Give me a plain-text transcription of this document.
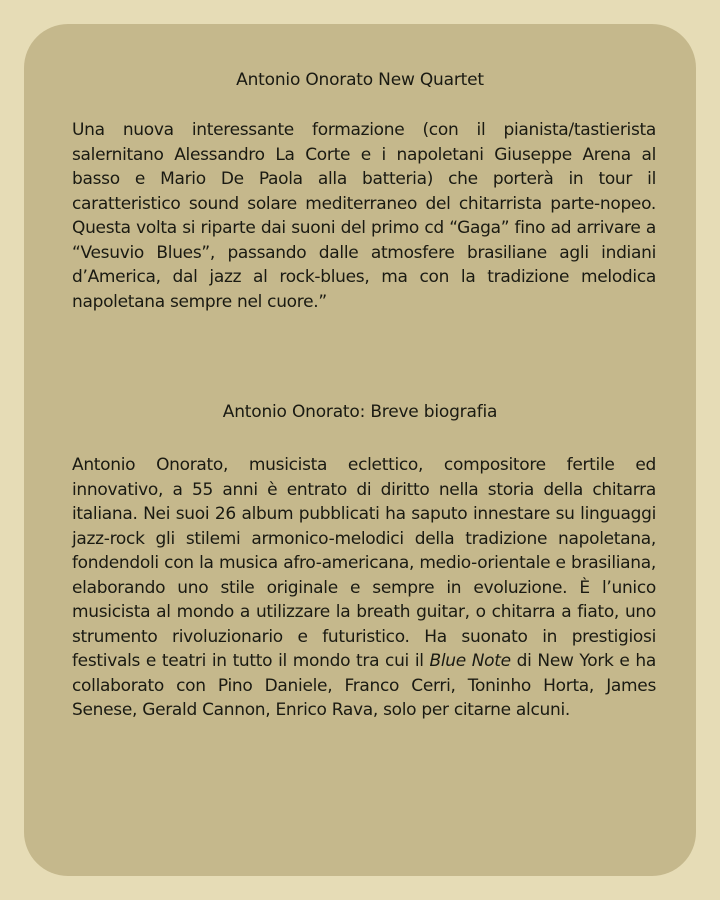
Antonio Onorato New Quartet
Una nuova interessante formazione (con il pianista/tastierista salernitano Alessandro La Corte e i napoletani Giuseppe Arena al basso e Mario De Paola alla batteria) che porterà in tour il caratteristico sound solare mediterraneo del chitarrista parte-nopeo. Questa volta si riparte dai suoni del primo cd “Gaga” fino ad arrivare a “Vesuvio Blues”, passando dalle atmosfere brasiliane agli indiani d’America, dal jazz al rock-blues, ma con la tradizione melodica napoletana sempre nel cuore.”
Antonio Onorato: Breve biografia
Antonio Onorato, musicista eclettico, compositore fertile ed innovativo, a 55 anni è entrato di diritto nella storia della chitarra italiana. Nei suoi 26 album pubblicati ha saputo innestare su linguaggi jazz-rock gli stilemi armonico-melodici della tradizione napoletana, fondendoli con la musica afro-americana, medio-orientale e brasiliana, elaborando uno stile originale e sempre in evoluzione. È l’unico musicista al mondo a utilizzare la breath guitar, o chitarra a fiato, uno strumento rivoluzionario e futuristico. Ha suonato in prestigiosi festivals e teatri in tutto il mondo tra cui il Blue Note di New York e ha collaborato con Pino Daniele, Franco Cerri, Toninho Horta, James Senese, Gerald Cannon, Enrico Rava, solo per citarne alcuni.
